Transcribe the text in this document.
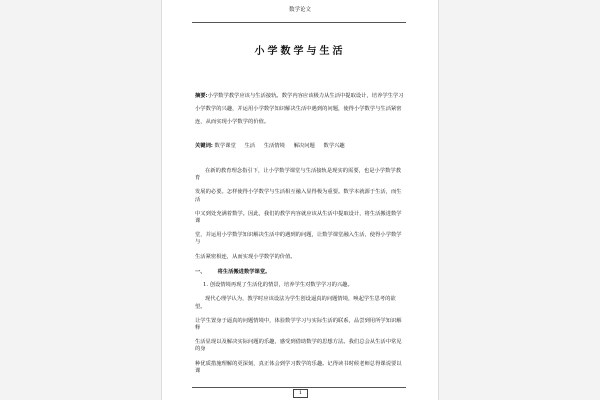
数学论文
小学数学与生活
摘要:小学数学教学应该与生活接轨。数学内容应该极力从生活中提取设计，培养学生学习
小学数学的兴趣，并运用小学数学知识解决生活中遇到的问题，使得小学数学与生活紧密
连，从而实现小学数学的价值。
关键词: 数学课堂 生活 生活情境 解决问题 数学兴趣
在新的教育理念指引下，让小学数学课堂与生活接轨是现实的需要，也是小学数学教育
发展的必要。怎样使得小学数学与生活相互融入显得极为重要。数学本就源于生活，而生活
中又到处充满着数学。因此，我们的教学内容就应该从生活中提取设计，将生活搬进数学课
堂，并运用小学数学知识解决生活中的遇到的问题，让数学课堂融入生活，使得小学数学与
生活紧密相连，从而实现小学数学的价值。
一、 将生活搬进数学课堂。
1. 创设情境再现了生活化的情景，培养学生对数学学习的兴趣。
现代心理学认为，教学时应该设法为学生创设逼真的问题情境，唤起学生思考的欲望。
让学生置身于逼真的问题情境中，体验数学学习与实际生活的联系，品尝到用所学知识解释
生活显现以及解决实际问题的乐趣，感受到借助数学的思想方法。我们总会从生活中常见的身
种优质措施理解的更深刻，真正体会到学习数学的乐趣。记得读书时候老师总得课说要以课
1
